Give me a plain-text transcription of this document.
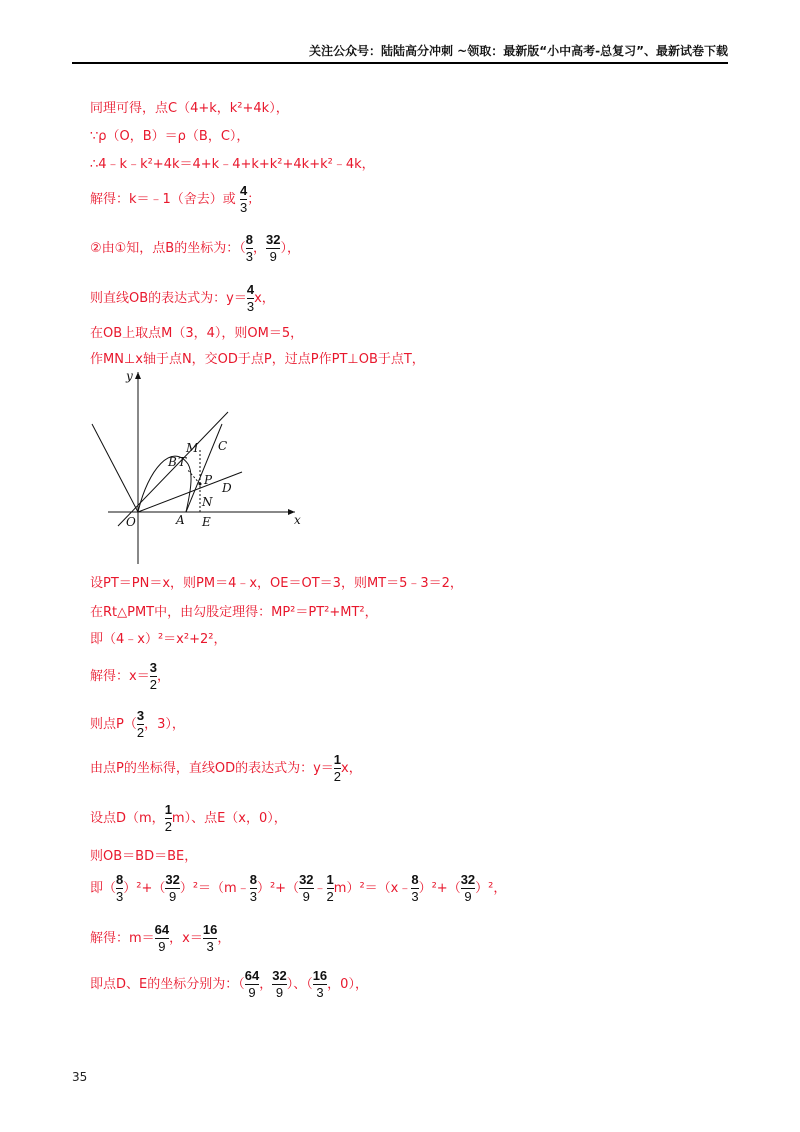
关注公众号：陆陆高分冲刺 ~领取：最新版“小中高考-总复习”、最新试卷下载
同理可得，点C（4+k，k²+4k），
∵ρ（O，B）＝ρ（B，C），
∴4﹣k﹣k²+4k＝4+k﹣4+k+k²+4k+k²﹣4k，
解得：k＝﹣1（舍去）或 $\frac{4}{3}$ ；
②由①知，点B的坐标为：（ $\frac{8}{3}$ ， $\frac{32}{9}$ ），
则直线OB的表达式为：$y= \frac{4}{3}$ x，
在OB上取点M（3，4），则OM＝5，
作MN⊥x轴于点N，交OD于点P，过点P作PT⊥OB于点T，
y
x
O	A E
N
P
D
M C
B T
设PT＝PN＝x，则PM＝4﹣x，OE＝OT＝3，则MT＝5﹣3＝2，
在Rt△PMT中，由勾股定理得：MP²＝PT²+MT²，
即（4﹣x）²＝x²+2²，
解得：$x= \frac{3}{2}$ ，
则点$P( \frac{3}{2}$ ，3），
由点P的坐标得，直线OD的表达式为：$y= \frac{1}{2}$ x，
设点D（m， $\frac{1}{2} m$）、点E（x，0），
则OB＝BD＝BE，
即（ $\frac{8}{3} )^2+( \frac{32}{9}$ ）²＝（m﹣ $\frac{8}{3} )^2+( \frac{32}{9}$ ﹣ $\frac{1}{2}$ m）²＝（x﹣ $\frac{8}{3} )^2+( \frac{32}{9} )^2$，
解得：$m= \frac{64}{9}$ ，$x= \frac{16}{3}$ ，
即点D、E的坐标分别为：（ $\frac{64}{9}$ ， $\frac{32}{9}$ ）、（ $\frac{16}{3}$ ，0），
35
